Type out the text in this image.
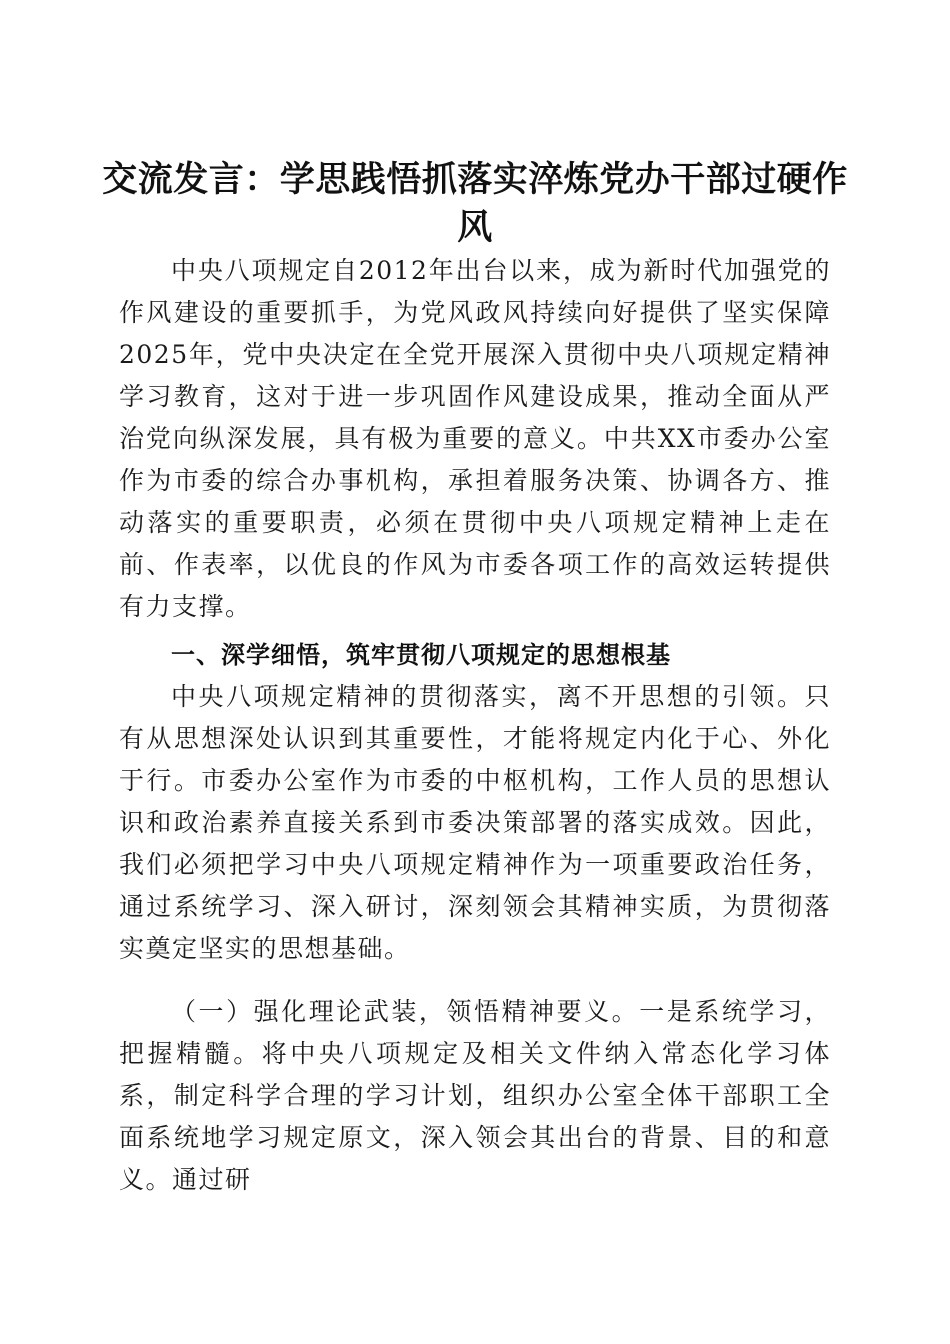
交流发言：学思践悟抓落实淬炼党办干部过硬作风

中央八项规定自2012年出台以来，成为新时代加强党的作风建设的重要抓手，为党风政风持续向好提供了坚实保障2025年，党中央决定在全党开展深入贯彻中央八项规定精神学习教育，这对于进一步巩固作风建设成果，推动全面从严治党向纵深发展，具有极为重要的意义。中共XX市委办公室作为市委的综合办事机构，承担着服务决策、协调各方、推动落实的重要职责，必须在贯彻中央八项规定精神上走在前、作表率，以优良的作风为市委各项工作的高效运转提供有力支撑。

一、深学细悟，筑牢贯彻八项规定的思想根基

中央八项规定精神的贯彻落实，离不开思想的引领。只有从思想深处认识到其重要性，才能将规定内化于心、外化于行。市委办公室作为市委的中枢机构，工作人员的思想认识和政治素养直接关系到市委决策部署的落实成效。因此，我们必须把学习中央八项规定精神作为一项重要政治任务，通过系统学习、深入研讨，深刻领会其精神实质，为贯彻落实奠定坚实的思想基础。

（一）强化理论武装，领悟精神要义。一是系统学习，把握精髓。将中央八项规定及相关文件纳入常态化学习体系，制定科学合理的学习计划，组织办公室全体干部职工全面系统地学习规定原文，深入领会其出台的背景、目的和意义。通过研
